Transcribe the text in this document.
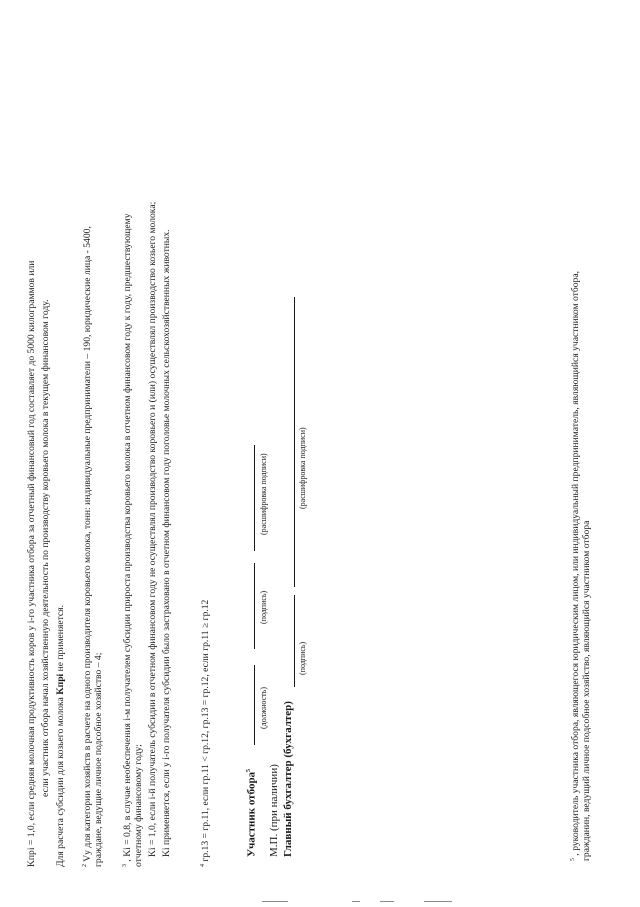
Kпрi = 1,0, если средняя молочная продуктивность коров у i-го участника отбора за отчетный финансовый год составляет до 5000 килограммов или если участник отбора начал хозяйственную деятельность по производству коровьего молока в текущем финансовом году. Для расчета субсидии для козьего молока Kпрi не применяется.
$^2$ Vу для категории хозяйств в расчете на одного производителя коровьего молока, тонн: индивидуальные предприниматели – 190, юридические лица - 5400, граждане, ведущие личное подсобное хозяйство – 4;	$^3$ , Ki = 0,8, в случае необеспечения i-м получателем субсидии прироста производства коровьего молока в отчетном финансовом году к году, предшествующему отчетному финансовому году; Ki = 1,0, если i-й получатель субсидии в отчетном финансовом году не осуществлял производство коровьего и (или) осуществлял производство козьего молока; Ki применяется, если у i-го получателя субсидии было застраховано в отчетном финансовом году поголовье молочных сельскохозяйственных животных.
$^4$ гр.13 = гр.11, если гр.11 < гр.12, гр.13 = гр.12, если гр.11 ≥ гр.12	Участник отбора$^5$
(должность)
(подпись)
(расшифровка подписи)
М.П. (при наличии) Главный бухгалтер (бухгалтер)
(подпись)
(расшифровка подписи)
$^5$ , руководитель участника отбора, являющегося юридическим лицом, или индивидуальный предприниматель, являющийся участником отбора, гражданин, ведущий личное подсобное хозяйство, являющийся участником отбора
